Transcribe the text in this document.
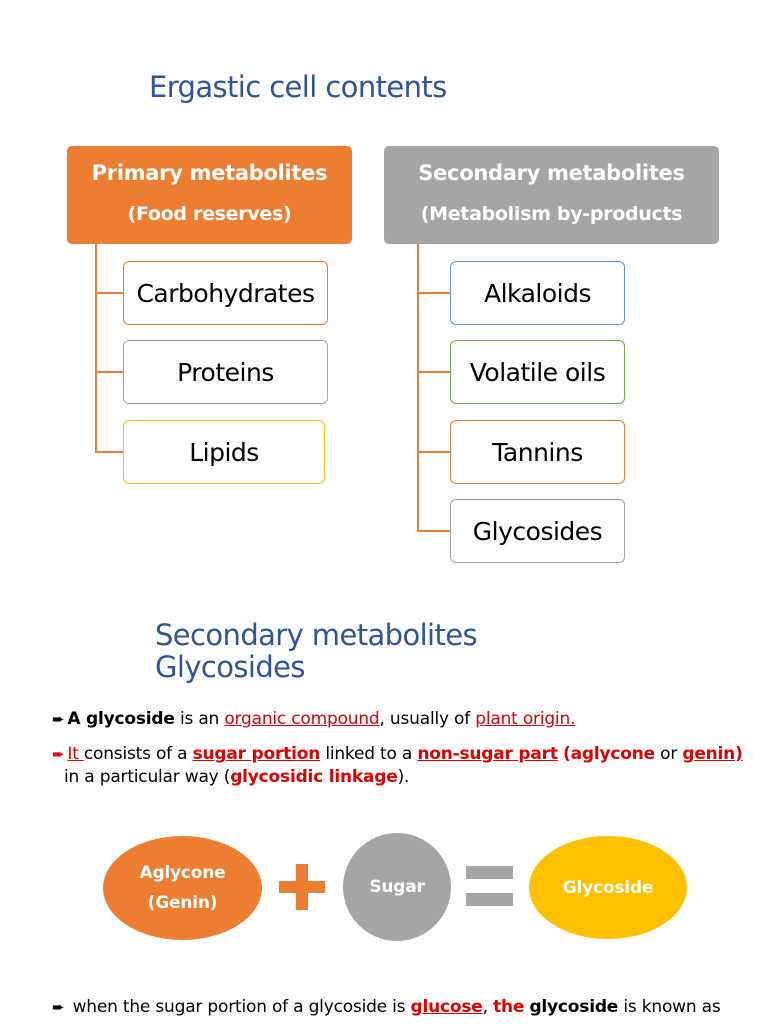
Ergastic cell contents
Primary metabolites
(Food reserves)
Secondary metabolites
(Metabolism by-products
Carbohydrates
Proteins
Lipids
Alkaloids
Volatile oils
Tannins
Glycosides
Secondary metabolites
Glycosides
➨ A glycoside is an organic compound, usually of plant origin.
➨ It consists of a sugar portion linked to a non-sugar part (aglycone or genin)
in a particular way (glycosidic linkage).
Aglycone
(Genin)
Sugar	Glycoside
➨ when the sugar portion of a glycoside is glucose, the glycoside is known as
